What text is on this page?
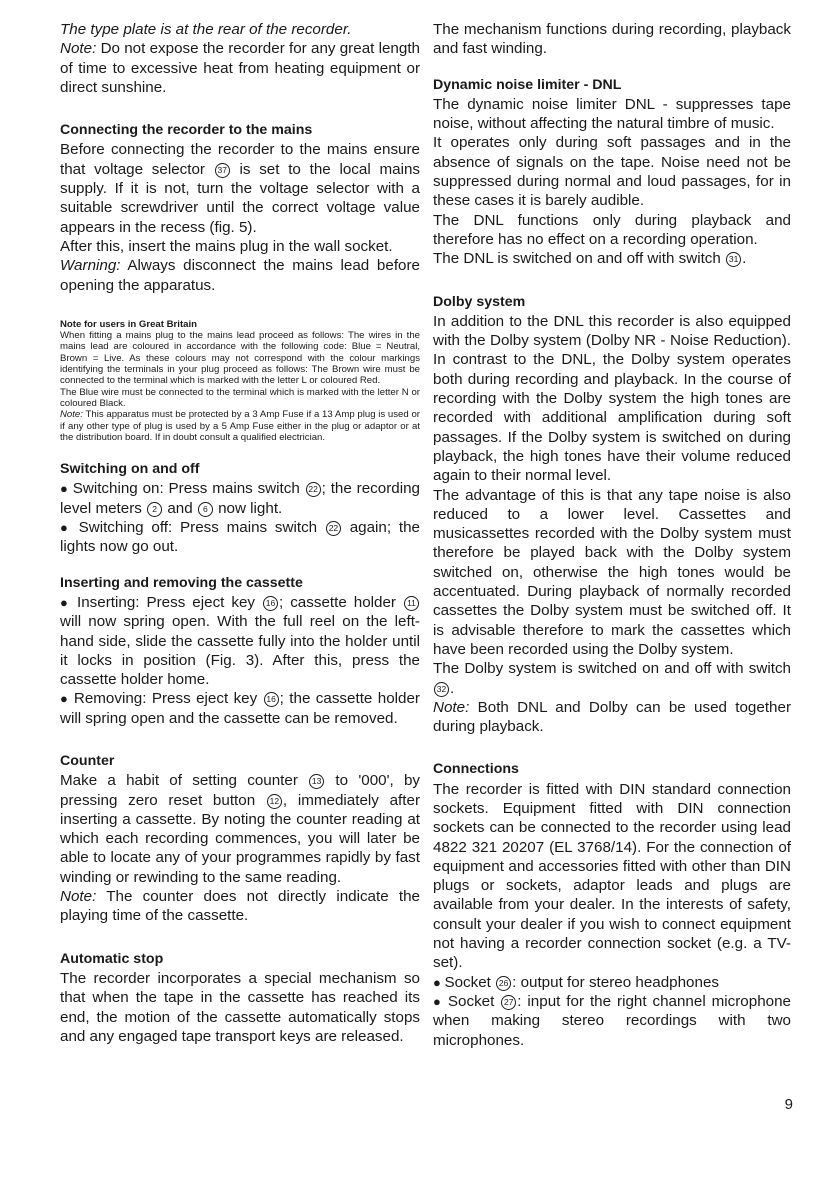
The type plate is at the rear of the recorder.

Note: Do not expose the recorder for any great length of time to excessive heat from heating equipment or direct sunshine.

Connecting the recorder to the mains

Before connecting the recorder to the mains ensure that voltage selector 37 is set to the local mains supply. If it is not, turn the voltage selector with a suitable screwdriver until the correct voltage value appears in the recess (fig. 5).

After this, insert the mains plug in the wall socket.

Warning: Always disconnect the mains lead before opening the apparatus.

Note for users in Great Britain

When fitting a mains plug to the mains lead proceed as follows: The wires in the mains lead are coloured in accordance with the following code: Blue = Neutral, Brown = Live. As these colours may not correspond with the colour markings identifying the terminals in your plug proceed as follows: The Brown wire must be connected to the terminal which is marked with the letter L or coloured Red.

The Blue wire must be connected to the terminal which is marked with the letter N or coloured Black.

Note: This apparatus must be protected by a 3 Amp Fuse if a 13 Amp plug is used or if any other type of plug is used by a 5 Amp Fuse either in the plug or adaptor or at the distribution board. If in doubt consult a qualified electrician.

Switching on and off

● Switching on: Press mains switch 22 ; the recording level meters 2 and 6 now light.

● Switching off: Press mains switch 22 again; the lights now go out.

Inserting and removing the cassette

● Inserting: Press eject key 16 ; cassette holder 11 will now spring open. With the full reel on the left-hand side, slide the cassette fully into the holder until it locks in position (Fig. 3). After this, press the cassette holder home.

● Removing: Press eject key 16 ; the cassette holder will spring open and the cassette can be removed.

Counter

Make a habit of setting counter 13 to '000', by pressing zero reset button 12 , immediately after inserting a cassette. By noting the counter reading at which each recording commences, you will later be able to locate any of your programmes rapidly by fast winding or rewinding to the same reading.

Note: The counter does not directly indicate the playing time of the cassette.

Automatic stop

The recorder incorporates a special mechanism so that when the tape in the cassette has reached its end, the motion of the cassette automatically stops and any engaged tape transport keys are released.

The mechanism functions during recording, playback and fast winding.

Dynamic noise limiter - DNL

The dynamic noise limiter DNL - suppresses tape noise, without affecting the natural timbre of music.

It operates only during soft passages and in the absence of signals on the tape. Noise need not be suppressed during normal and loud passages, for in these cases it is barely audible.

The DNL functions only during playback and therefore has no effect on a recording operation.

The DNL is switched on and off with switch 31 .

Dolby system

In addition to the DNL this recorder is also equipped with the Dolby system (Dolby NR - Noise Reduction). In contrast to the DNL, the Dolby system operates both during recording and playback. In the course of recording with the Dolby system the high tones are recorded with additional amplification during soft passages. If the Dolby system is switched on during playback, the high tones have their volume reduced again to their normal level.

The advantage of this is that any tape noise is also reduced to a lower level. Cassettes and musicassettes recorded with the Dolby system must therefore be played back with the Dolby system switched on, otherwise the high tones would be accentuated. During playback of normally recorded cassettes the Dolby system must be switched off. It is advisable therefore to mark the cassettes which have been recorded using the Dolby system.

The Dolby system is switched on and off with switch 32 .

Note: Both DNL and Dolby can be used together during playback.

Connections

The recorder is fitted with DIN standard connection sockets. Equipment fitted with DIN connection sockets can be connected to the recorder using lead 4822 321 20207 (EL 3768/14). For the connection of equipment and accessories fitted with other than DIN plugs or sockets, adaptor leads and plugs are available from your dealer. In the interests of safety, consult your dealer if you wish to connect equipment not having a recorder connection socket (e.g. a TV-set).

● Socket 26 : output for stereo headphones

● Socket 27 : input for the right channel microphone when making stereo recordings with two microphones.

9
